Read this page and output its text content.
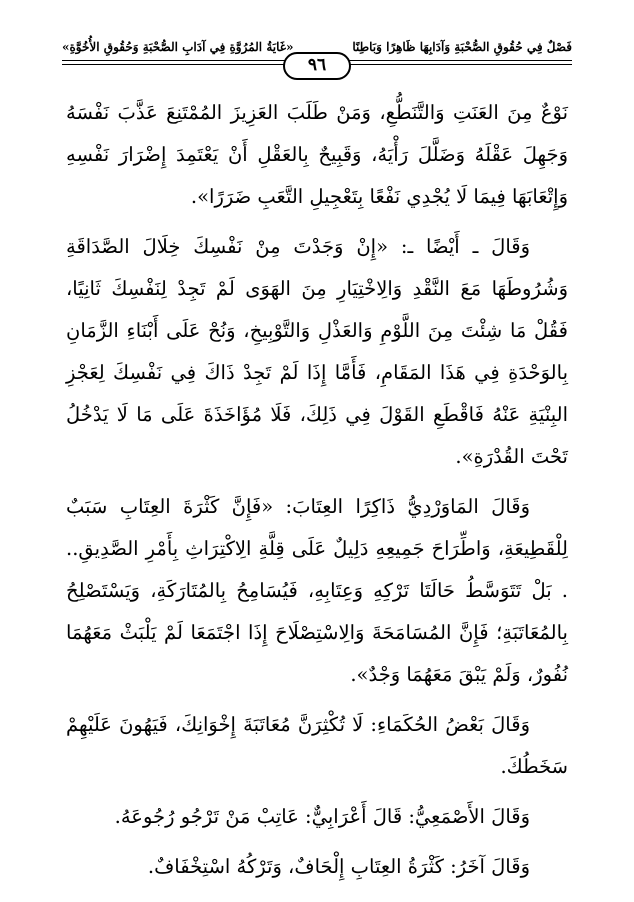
فَصْلٌ فِي حُقُوقِ الصُّحْبَةِ وَآدَابِهَا ظَاهِرًا وَبَاطِنًا
«غَايَةُ المُرُوَّةِ فِي آدَابِ الصُّحْبَةِ وَحُقُوقِ الأُخُوَّةِ»
٩٦

نَوْعٌ مِنَ العَنَتِ وَالتَّنَطُّعِ، وَمَنْ طَلَبَ العَزِيزَ المُمْتَنِعَ عَذَّبَ نَفْسَهُ وَجَهِلَ عَقْلَهُ وَضَلَّلَ رَأْيَهُ، وَقَبِيحٌ بِالعَقْلِ أَنْ يَعْتَمِدَ إِضْرَارَ نَفْسِهِ وَإِتْعَابَهَا فِيمَا لَا يُجْدِي نَفْعًا بِتَعْجِيلِ التَّعَبِ ضَرَرًا».

وَقَالَ ـ أَيْضًا ـ: «إِنْ وَجَدْتَ مِنْ نَفْسِكَ خِلَالَ الصَّدَاقَةِ وَشُرُوطَهَا مَعَ النَّقْدِ وَالِاخْتِيَارِ مِنَ الهَوَى لَمْ تَجِدْ لِنَفْسِكَ ثَانِيًا، فَقُلْ مَا شِئْتَ مِنَ اللَّوْمِ وَالعَذْلِ وَالتَّوْبِيخِ، وَنُحْ عَلَى أَبْنَاءِ الزَّمَانِ بِالوَحْدَةِ فِي هَذَا المَقَامِ، فَأَمَّا إِذَا لَمْ تَجِدْ ذَاكَ فِي نَفْسِكَ لِعَجْزِ البِنْيَةِ عَنْهُ فَاقْطَعِ القَوْلَ فِي ذَلِكَ، فَلَا مُؤَاخَذَةَ عَلَى مَا لَا يَدْخُلُ تَحْتَ القُدْرَةِ».

وَقَالَ المَاوَرْدِيُّ ذَاكِرًا العِتَابَ: «فَإِنَّ كَثْرَةَ العِتَابِ سَبَبٌ لِلْقَطِيعَةِ، وَاطِّرَاحَ جَمِيعِهِ دَلِيلٌ عَلَى قِلَّةِ الِاكْتِرَاثِ بِأَمْرِ الصَّدِيقِ.. . بَلْ تَتَوَسَّطُ حَالَتَا تَرْكِهِ وَعِتَابِهِ، فَيُسَامِحُ بِالمُتَارَكَةِ، وَيَسْتَصْلِحُ بِالمُعَاتَبَةِ؛ فَإِنَّ المُسَامَحَةَ وَالِاسْتِصْلَاحَ إِذَا اجْتَمَعَا لَمْ يَلْبَثْ مَعَهُمَا نُفُورٌ، وَلَمْ يَبْقَ مَعَهُمَا وَجْدٌ».

وَقَالَ بَعْضُ الحُكَمَاءِ: لَا تُكْثِرَنَّ مُعَاتَبَةَ إِخْوَانِكَ، فَيَهُونَ عَلَيْهِمْ سَخَطُكَ.

وَقَالَ الأَصْمَعِيُّ: قَالَ أَعْرَابِيٌّ: عَاتِبْ مَنْ تَرْجُو رُجُوعَهُ.

وَقَالَ آخَرُ: كَثْرَةُ العِتَابِ إِلْحَافٌ، وَتَرْكُهُ اسْتِخْفَافٌ.
